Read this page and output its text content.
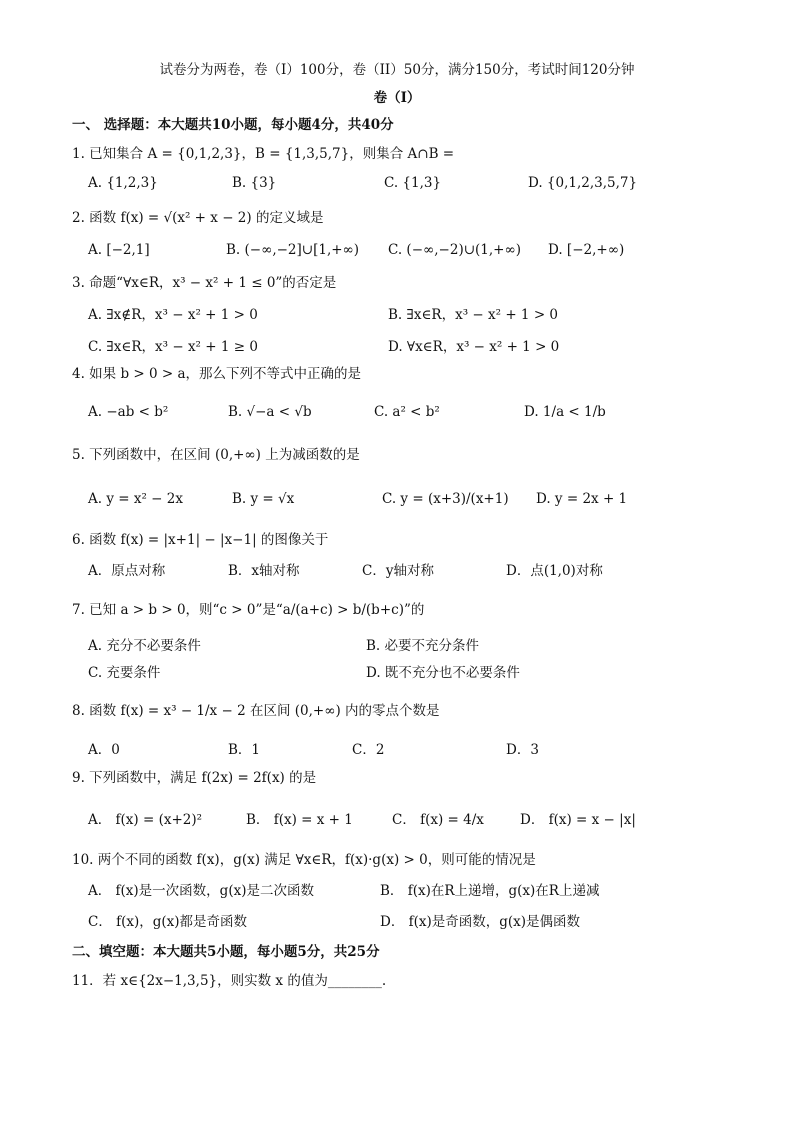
试卷分为两卷，卷（I）100分，卷（II）50分，满分150分，考试时间120分钟
卷（I）
一、 选择题：本大题共10小题，每小题4分，共40分
1. 已知集合 A = {0,1,2,3}，B = {1,3,5,7}，则集合 A∩B =
A. {1,2,3}	B. {3}	C. {1,3}	D. {0,1,2,3,5,7}
2. 函数 f(x) = √(x² + x − 2) 的定义域是
A. [−2,1]	B. (−∞,−2]∪[1,+∞) C. (−∞,−2)∪(1,+∞) D. [−2,+∞)
3. 命题“∀x∈R，x³ − x² + 1 ≤ 0”的否定是
A. ∃x∉R，x³ − x² + 1 > 0	B. ∃x∈R，x³ − x² + 1 > 0
C. ∃x∈R，x³ − x² + 1 ≥ 0	D. ∀x∈R，x³ − x² + 1 > 0
4. 如果 b > 0 > a，那么下列不等式中正确的是
A. −ab < b²	B. √−a < √b	C. a² < b²	D. 1/a < 1/b
5. 下列函数中，在区间 (0,+∞) 上为减函数的是
A. y = x² − 2x	B. y = √x	C. y = (x+3)/(x+1) D. y = 2x + 1
6. 函数 f(x) = |x+1| − |x−1| 的图像关于
A．原点对称	B．x轴对称	C．y轴对称	D．点(1,0)对称
7. 已知 a > b > 0，则“c > 0”是“a/(a+c) > b/(b+c)”的
A. 充分不必要条件	B. 必要不充分条件
C. 充要条件	D. 既不充分也不必要条件
8. 函数 f(x) = x³ − 1/x − 2 在区间 (0,+∞) 内的零点个数是
A．0	B．1	C．2	D．3
9. 下列函数中，满足 f(2x) = 2f(x) 的是
A． f(x) = (x+2)²	B． f(x) = x + 1	C． f(x) = 4/x	D． f(x) = x − |x|
10. 两个不同的函数 f(x)，g(x) 满足 ∀x∈R，f(x)·g(x) > 0，则可能的情况是
A． f(x)是一次函数，g(x)是二次函数	B． f(x)在R上递增，g(x)在R上递减
C． f(x)，g(x)都是奇函数	D． f(x)是奇函数，g(x)是偶函数
二、填空题：本大题共5小题，每小题5分，共25分
11．若 x∈{2x−1,3,5}，则实数 x 的值为________.
